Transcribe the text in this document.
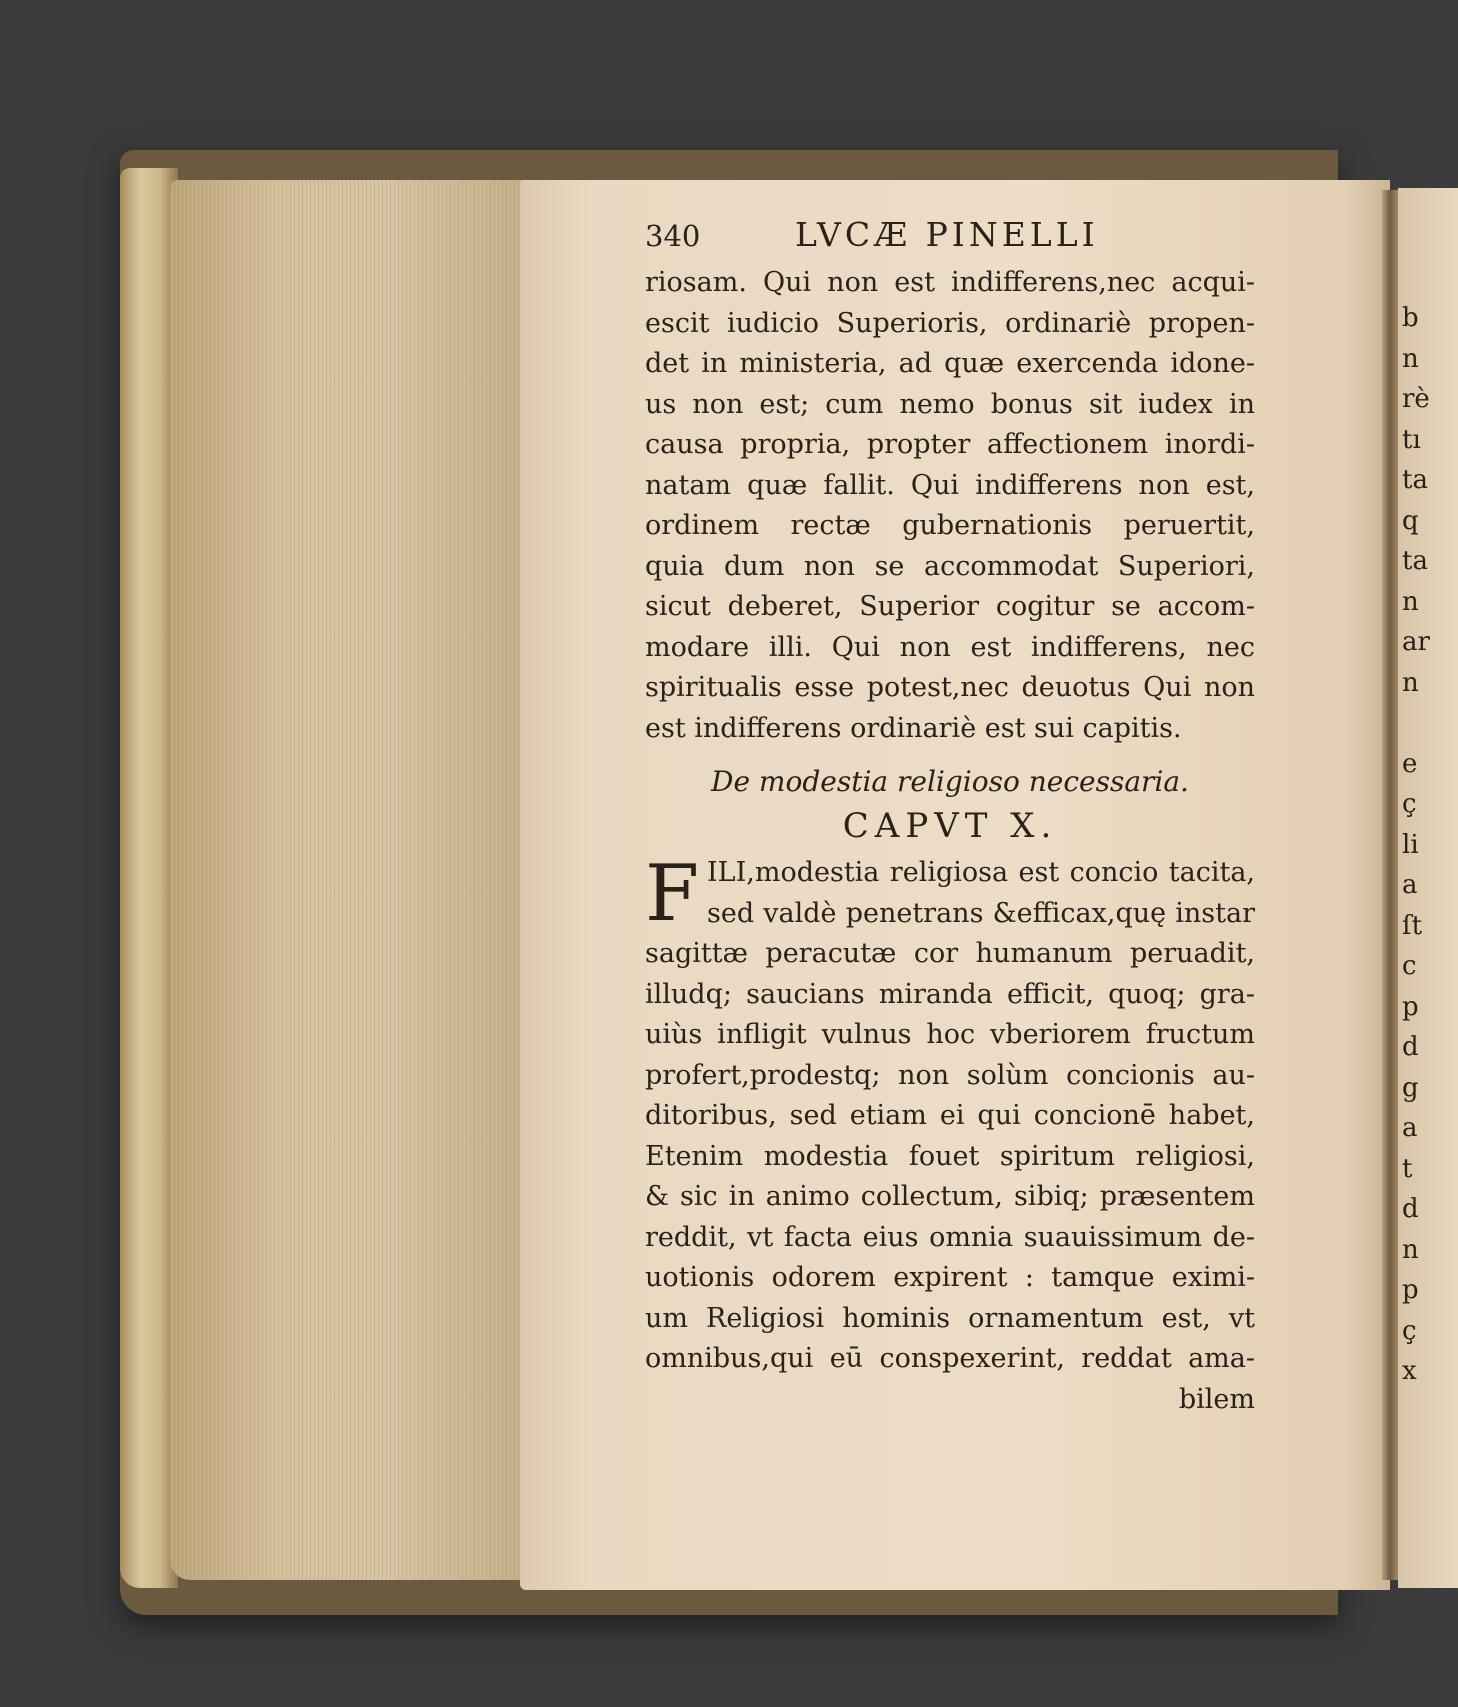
b
n
rè
tı
ta
q
ta
n
ar
n

e
ç
li
a
ſt
c
p
d
g
a
t
d
n
p
ç
x

340	LVCÆ PINELLI
riosam. Qui non est indifferens,nec acqui-
escit iudicio Superioris, ordinariè propen-
det in ministeria, ad quæ exercenda idone-
us non est; cum nemo bonus sit iudex in
causa propria, propter affectionem inordi-
natam quæ fallit. Qui indifferens non est,
ordinem rectæ gubernationis peruertit,
quia dum non se accommodat Superiori,
sicut deberet, Superior cogitur se accom-
modare illi. Qui non est indifferens, nec
spiritualis esse potest,nec deuotus Qui non
est indifferens ordinariè est sui capitis.
De modestia religioso necessaria.
CAPVT X.
F ILI,modestia religiosa est concio tacita,
sed valdè penetrans &efficax,quę instar
sagittæ peracutæ cor humanum peruadit,
illudq; saucians miranda efficit, quoq; gra-
uiùs infligit vulnus hoc vberiorem fructum
profert,prodestq; non solùm concionis au-
ditoribus, sed etiam ei qui concionē habet,
Etenim modestia fouet spiritum religiosi,
& sic in animo collectum, sibiq; præsentem
reddit, vt facta eius omnia suauissimum de-
uotionis odorem expirent : tamque eximi-
um Religiosi hominis ornamentum est, vt
omnibus,qui eū conspexerint, reddat ama-
bilem
